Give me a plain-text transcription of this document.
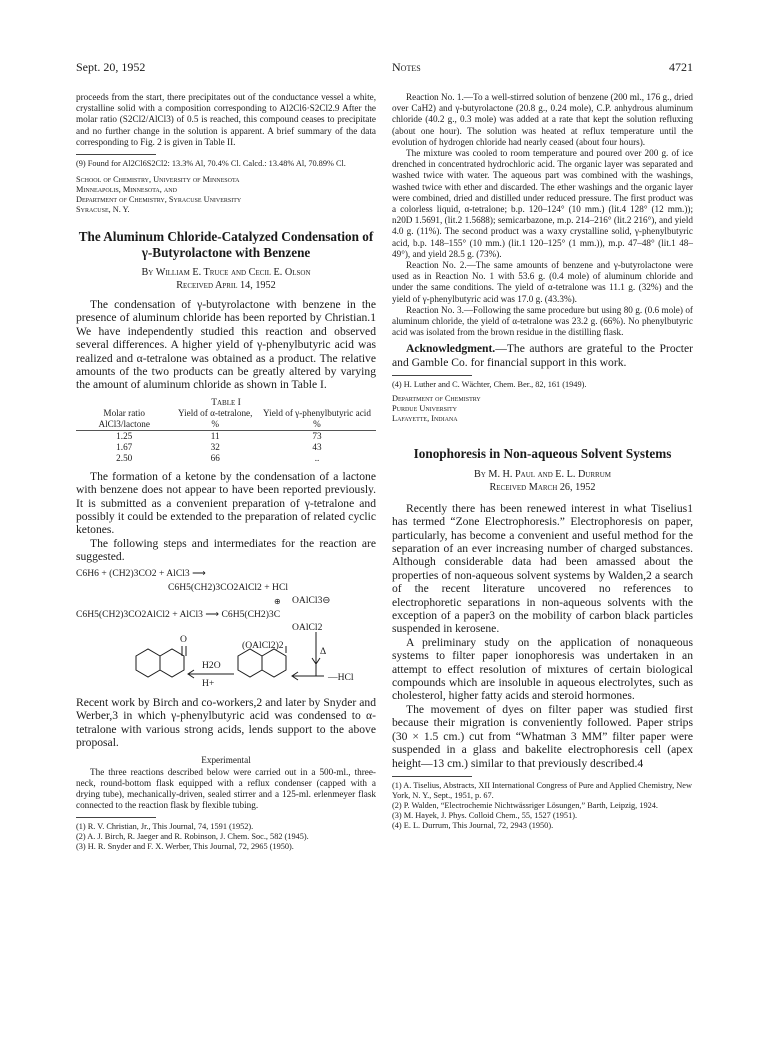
Sept. 20, 1952	Notes	4721

proceeds from the start, there precipitates out of the conductance vessel a white, crystalline solid with a composition corresponding to Al2Cl6·S2Cl2.9 After the molar ratio (S2Cl2/AlCl3) of 0.5 is reached, this compound ceases to precipitate and no further change in the solution is apparent. A brief summary of the data corresponding to Fig. 2 is given in Table II.

(9) Found for Al2Cl6S2Cl2: 13.3% Al, 70.4% Cl. Calcd.: 13.48% Al, 70.89% Cl.

School of Chemistry, University of Minnesota
Minneapolis, Minnesota, and
Department of Chemistry, Syracuse University
Syracuse, N. Y.

The Aluminum Chloride-Catalyzed Condensation of γ-Butyrolactone with Benzene

By William E. Truce and Cecil E. Olson

Received April 14, 1952

The condensation of γ-butyrolactone with benzene in the presence of aluminum chloride has been reported by Christian.1 We have independently studied this reaction and observed several differences. A higher yield of γ-phenylbutyric acid was realized and α-tetralone was obtained as a product. The relative amounts of the two products can be greatly altered by varying the amount of aluminum chloride as shown in Table I.

Table I
Molar ratio AlCl3/lactone	Yield of α-tetralone, %	Yield of γ-phenylbutyric acid %
1.25	11	73
1.67	32	43
2.50	66	..

The formation of a ketone by the condensation of a lactone with benzene does not appear to have been reported previously. It is submitted as a convenient preparation of γ-tetralone and possibly it could be extended to the preparation of related cyclic ketones.

The following steps and intermediates for the reaction are suggested.

C6H6 + (CH2)3CO2 + AlCl3 ⟶
C6H5(CH2)3CO2AlCl2 + HCl
⊕ OAlCl3⊖
C6H5(CH2)3CO2AlCl2 + AlCl3 ⟶ C6H5(CH2)3C
OAlCl2
O
(OAlCl2)2
Δ
H2O
H+
—HCl

Recent work by Birch and co-workers,2 and later by Snyder and Werber,3 in which γ-phenylbutyric acid was condensed to α-tetralone with various strong acids, lends support to the above proposal.

Experimental

The three reactions described below were carried out in a 500-ml., three-neck, round-bottom flask equipped with a reflux condenser (capped with a drying tube), mechanically-driven, sealed stirrer and a 125-ml. erlenmeyer flask connected to the reaction flask by flexible tubing.

(1) R. V. Christian, Jr., This Journal, 74, 1591 (1952).

(2) A. J. Birch, R. Jaeger and R. Robinson, J. Chem. Soc., 582 (1945).

(3) H. R. Snyder and F. X. Werber, This Journal, 72, 2965 (1950).

Reaction No. 1.—To a well-stirred solution of benzene (200 ml., 176 g., dried over CaH2) and γ-butyrolactone (20.8 g., 0.24 mole), C.P. anhydrous aluminum chloride (40.2 g., 0.3 mole) was added at a rate that kept the solution refluxing (about one hour). The solution was heated at reflux temperature until the evolution of hydrogen chloride had nearly ceased (about four hours).

The mixture was cooled to room temperature and poured over 200 g. of ice drenched in concentrated hydrochloric acid. The organic layer was separated and washed twice with water. The aqueous part was combined with the washings, washed twice with ether and discarded. The ether washings and the organic layer were combined, dried and distilled under reduced pressure. The first product was a colorless liquid, α-tetralone; b.p. 120–124° (10 mm.) (lit.4 128° (12 mm.)); n20D 1.5691, (lit.2 1.5688); semicarbazone, m.p. 214–216° (lit.2 216°), and yield 4.0 g. (11%). The second product was a waxy crystalline solid, γ-phenylbutyric acid, b.p. 148–155° (10 mm.) (lit.1 120–125° (1 mm.)), m.p. 47–48° (lit.1 48–49°), and yield 28.5 g. (73%).

Reaction No. 2.—The same amounts of benzene and γ-butyrolactone were used as in Reaction No. 1 with 53.6 g. (0.4 mole) of aluminum chloride and under the same conditions. The yield of α-tetralone was 11.1 g. (32%) and the yield of γ-phenylbutyric acid was 17.0 g. (43.3%).

Reaction No. 3.—Following the same procedure but using 80 g. (0.6 mole) of aluminum chloride, the yield of α-tetralone was 23.2 g. (66%). No phenylbutyric acid was isolated from the brown residue in the distilling flask.

Acknowledgment.—The authors are grateful to the Procter and Gamble Co. for financial support in this work.

(4) H. Luther and C. Wächter, Chem. Ber., 82, 161 (1949).

Department of Chemistry
Purdue University
Lafayette, Indiana

Ionophoresis in Non-aqueous Solvent Systems

By M. H. Paul and E. L. Durrum

Received March 26, 1952

Recently there has been renewed interest in what Tiselius1 has termed “Zone Electrophoresis.” Electrophoresis on paper, particularly, has become a convenient and useful method for the separation of an ever increasing number of charged substances. Although considerable data had been amassed about the properties of non-aqueous solvent systems by Walden,2 a search of the recent literature uncovered no references to electrophoretic separations in non-aqueous solvents with the exception of a paper3 on the mobility of carbon black particles suspended in kerosene.

A preliminary study on the application of nonaqueous systems to filter paper ionophoresis was undertaken in an attempt to effect resolution of mixtures of certain biological compounds which are insoluble in aqueous electrolytes, such as cholesterol, higher fatty acids and steroid hormones.

The movement of dyes on filter paper was studied first because their migration is conveniently followed. Paper strips (30 × 1.5 cm.) cut from “Whatman 3 MM” filter paper were suspended in a glass and bakelite electrophoresis cell (apex height—13 cm.) similar to that previously described.4

(1) A. Tiselius, Abstracts, XII International Congress of Pure and Applied Chemistry, New York, N. Y., Sept., 1951, p. 67.

(2) P. Walden, “Electrochemie Nichtwässriger Lösungen,” Barth, Leipzig, 1924.

(3) M. Hayek, J. Phys. Colloid Chem., 55, 1527 (1951).

(4) E. L. Durrum, This Journal, 72, 2943 (1950).
